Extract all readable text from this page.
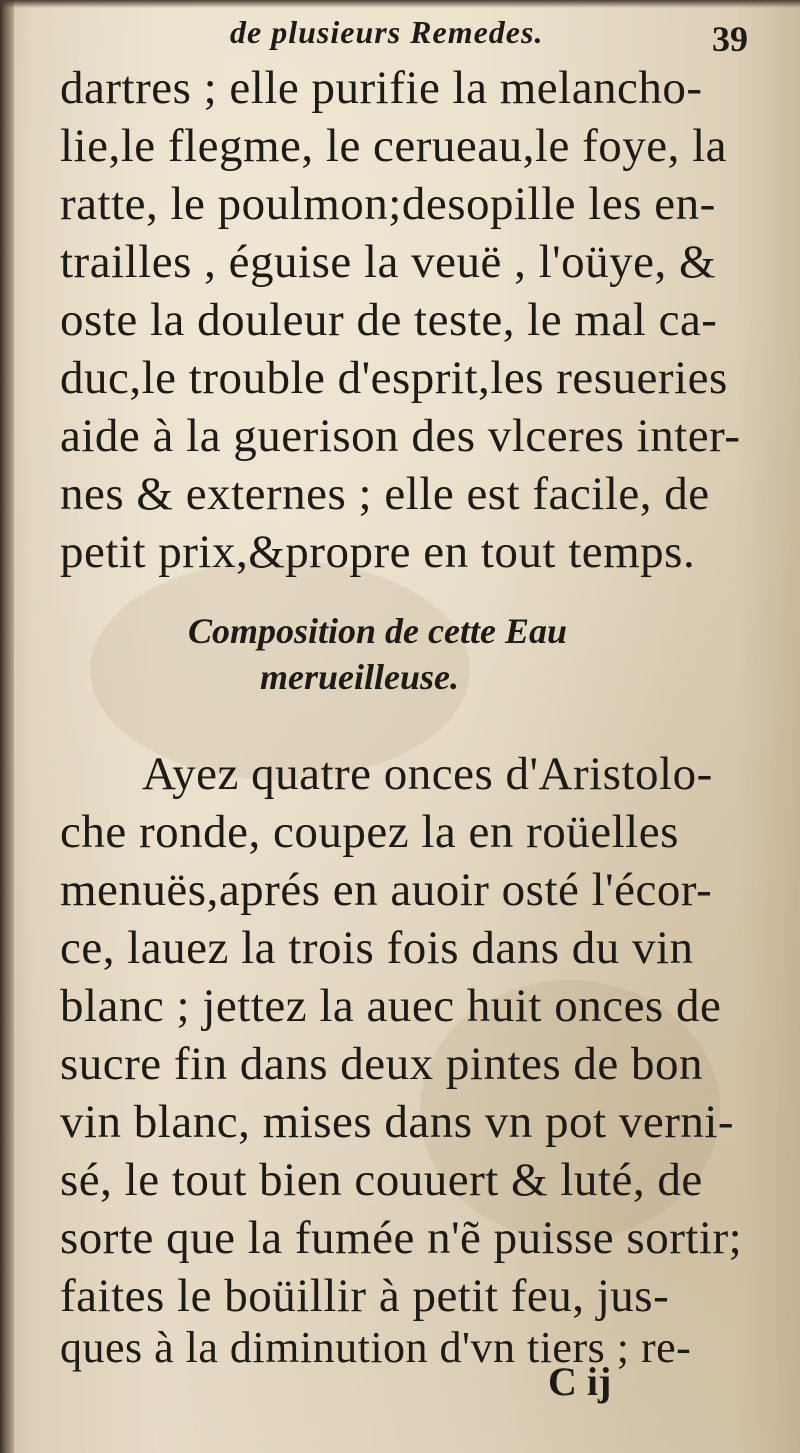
de plusieurs Remedes.	39
dartres ; elle purifie la melancho-
lie,le flegme, le cerueau,le foye, la
ratte, le poulmon;desopille les en-
trailles , éguise la veuë , l'oüye, &
oste la douleur de teste, le mal ca-
duc,le trouble d'esprit,les resueries
aide à la guerison des vlceres inter-
nes & externes ; elle est facile, de
petit prix,&propre en tout temps.
Composition de cette Eau
merueilleuse.
Ayez quatre onces d'Aristolo-
che ronde, coupez la en roüelles
menuës,aprés en auoir osté l'écor-
ce, lauez la trois fois dans du vin
blanc ; jettez la auec huit onces de
sucre fin dans deux pintes de bon
vin blanc, mises dans vn pot verni-
sé, le tout bien couuert & luté, de
sorte que la fumée n'ẽ puisse sortir;
faites le boüillir à petit feu, jus-
ques à la diminution d'vn tiers ; re-
C ij
